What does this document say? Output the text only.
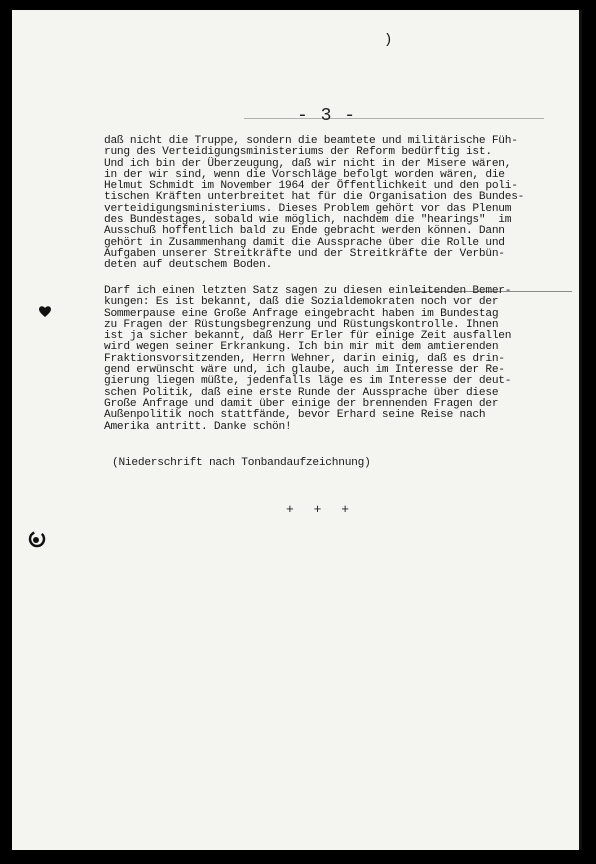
)
- 3 -
daß nicht die Truppe, sondern die beamtete und militärische Füh-
rung des Verteidigungsministeriums der Reform bedürftig ist.
Und ich bin der Überzeugung, daß wir nicht in der Misere wären,
in der wir sind, wenn die Vorschläge befolgt worden wären, die
Helmut Schmidt im November 1964 der Öffentlichkeit und den poli-
tischen Kräften unterbreitet hat für die Organisation des Bundes-
verteidigungsministeriums. Dieses Problem gehört vor das Plenum
des Bundestages, sobald wie möglich, nachdem die "hearings"  im
Ausschuß hoffentlich bald zu Ende gebracht werden können. Dann
gehört in Zusammenhang damit die Aussprache über die Rolle und
Aufgaben unserer Streitkräfte und der Streitkräfte der Verbün-
deten auf deutschem Boden.
Darf ich einen letzten Satz sagen zu diesen einleitenden Bemer-
kungen: Es ist bekannt, daß die Sozialdemokraten noch vor der
Sommerpause eine Große Anfrage eingebracht haben im Bundestag
zu Fragen der Rüstungsbegrenzung und Rüstungskontrolle. Ihnen
ist ja sicher bekannt, daß Herr Erler für einige Zeit ausfallen
wird wegen seiner Erkrankung. Ich bin mir mit dem amtierenden
Fraktionsvorsitzenden, Herrn Wehner, darin einig, daß es drin-
gend erwünscht wäre und, ich glaube, auch im Interesse der Re-
gierung liegen müßte, jedenfalls läge es im Interesse der deut-
schen Politik, daß eine erste Runde der Aussprache über diese
Große Anfrage und damit über einige der brennenden Fragen der
Außenpolitik noch stattfände, bevor Erhard seine Reise nach
Amerika antritt. Danke schön!
(Niederschrift nach Tonbandaufzeichnung)
+ + +
